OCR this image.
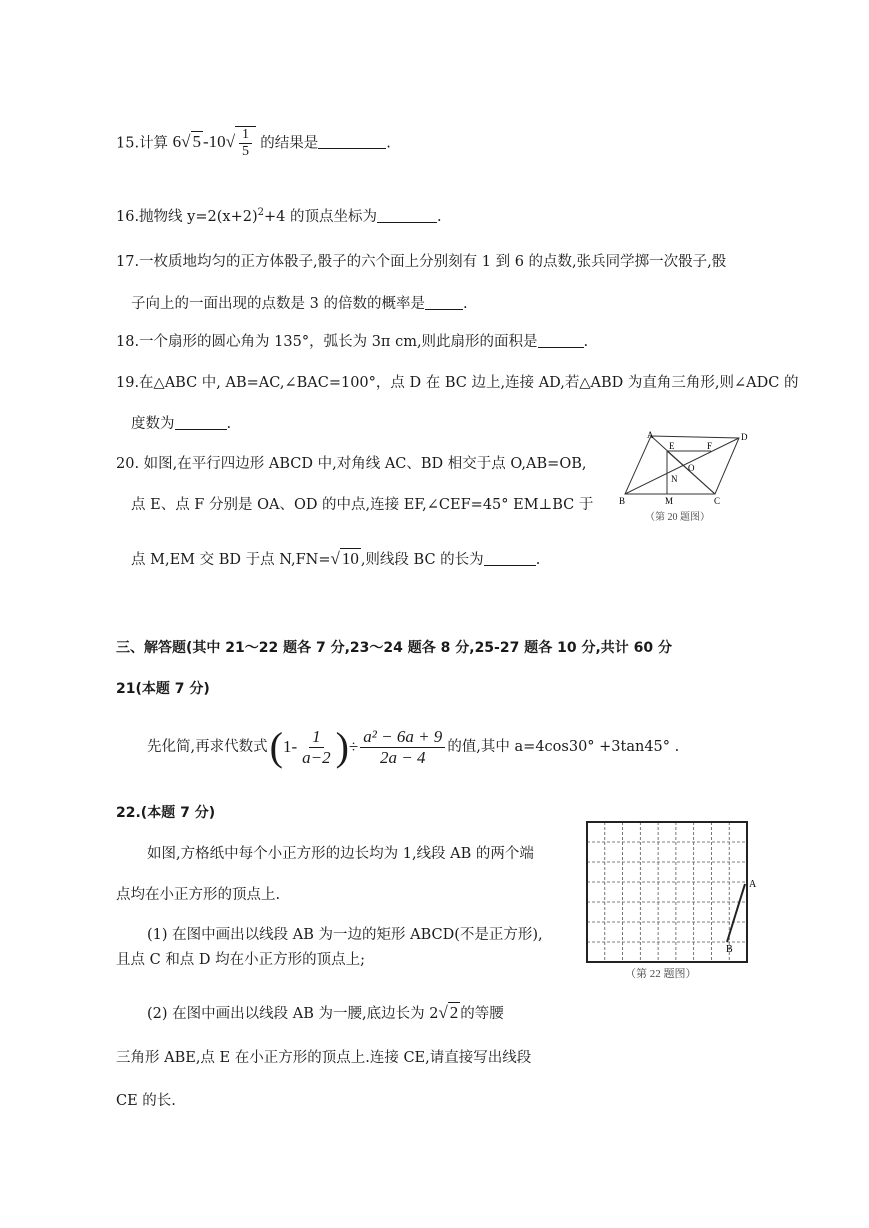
15.计算 6√ 5 $-10√ \frac{1}{5}$ 的结果是	.
16.抛物线 $y=2(x+2)^2+4$ 的顶点坐标为	.
17.一枚质地均匀的正方体骰子,骰子的六个面上分别刻有 1 到 6 的点数,张兵同学掷一次骰子,骰
子向上的一面出现的点数是 3 的倍数的概率是	.
18.一个扇形的圆心角为 135°，弧长为 3π cm,则此扇形的面积是	.
19.在△ABC 中, AB=AC,∠BAC=100°，点 D 在 BC 边上,连接 AD,若△ABD 为直角三角形,则∠ADC 的
度数为	.
20. 如图,在平行四边形 ABCD 中,对角线 AC、BD 相交于点 O,AB=OB,
点 E、点 F 分别是 OA、OD 的中点,连接 EF,∠CEF=45° EM⊥BC 于
点 M,EM 交 BD 于点 N,FN=√ 10 ,则线段 BC 的长为	.
A
E	F
D
O
N
B	M	C
（第 20 题图）
三、解答题(其中 21～22 题各 7 分,23～24 题各 8 分,25-27 题各 10 分,共计 60 分
21(本题 7 分)
先化简,再求代数式 ( $1- \frac{1}{a-2}$ ) ÷ $\frac{\text{a² − 6a + 9}}{2a - 4}$ 的值,其中 a=4cos30° +3tan45° .
22.(本题 7 分)
如图,方格纸中每个小正方形的边长均为 1,线段 AB 的两个端
点均在小正方形的顶点上.
(1) 在图中画出以线段 AB 为一边的矩形 ABCD(不是正方形),
且点 C 和点 D 均在小正方形的顶点上;
(2) 在图中画出以线段 AB 为一腰,底边长为 2√ 2 的等腰
三角形 ABE,点 E 在小正方形的顶点上.连接 CE,请直接写出线段
CE 的长.
A
B
（第 22 题图）
